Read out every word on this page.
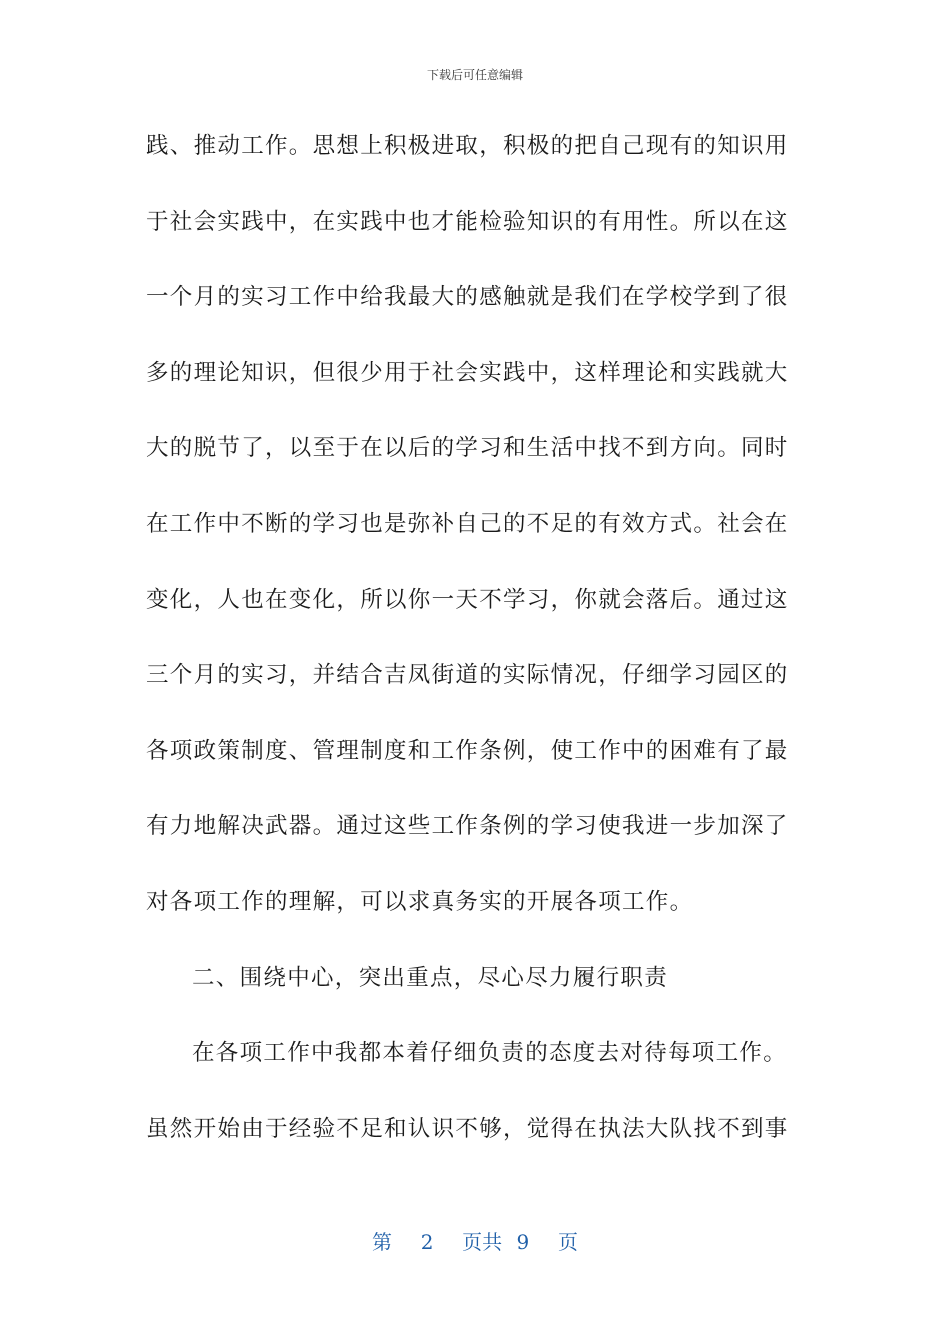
下载后可任意编辑
践、推动工作。思想上积极进取，积极的把自己现有的知识用
于社会实践中，在实践中也才能检验知识的有用性。所以在这
一个月的实习工作中给我最大的感触就是我们在学校学到了很
多的理论知识，但很少用于社会实践中，这样理论和实践就大
大的脱节了，以至于在以后的学习和生活中找不到方向。同时
在工作中不断的学习也是弥补自己的不足的有效方式。社会在
变化，人也在变化，所以你一天不学习，你就会落后。通过这
三个月的实习，并结合吉凤街道的实际情况，仔细学习园区的
各项政策制度、管理制度和工作条例，使工作中的困难有了最
有力地解决武器。通过这些工作条例的学习使我进一步加深了
对各项工作的理解，可以求真务实的开展各项工作。
二、围绕中心，突出重点，尽心尽力履行职责
在各项工作中我都本着仔细负责的态度去对待每项工作。
虽然开始由于经验不足和认识不够，觉得在执法大队找不到事
第  2  页共 9  页
